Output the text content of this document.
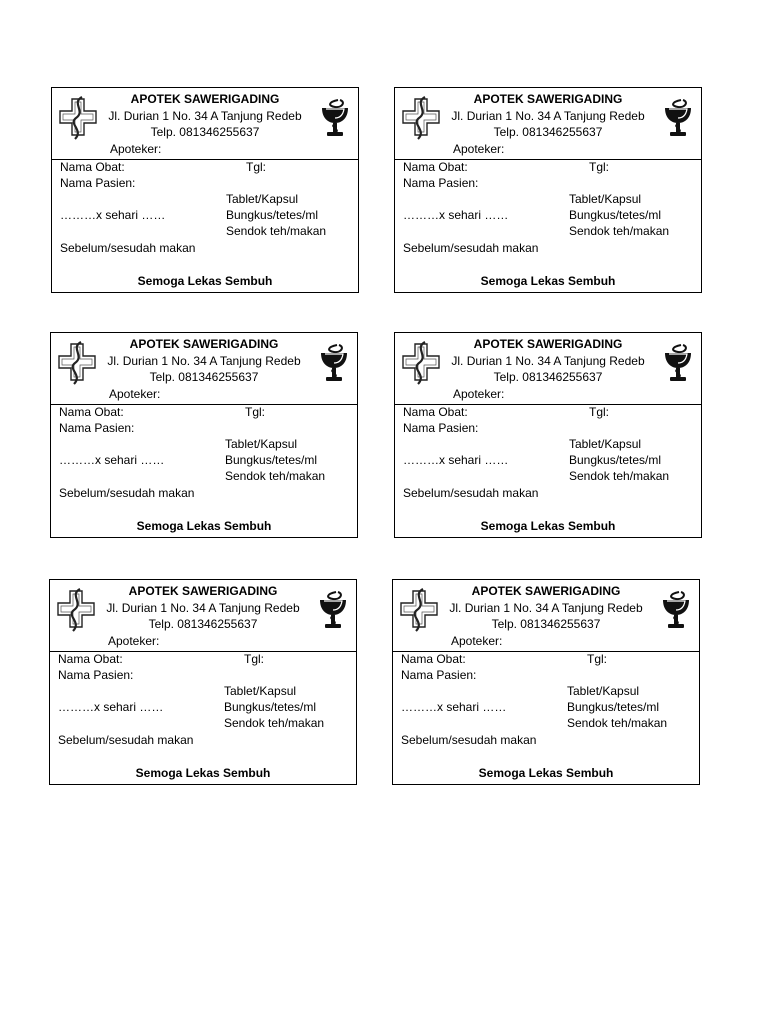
APOTEK SAWERIGADING
Jl. Durian 1 No. 34 A Tanjung Redeb
Telp. 081346255637
Apoteker:
Nama Obat:	Tgl:
Nama Pasien:
Tablet/Kapsul
………x sehari ……	Bungkus/tetes/ml
Sendok teh/makan
Sebelum/sesudah makan
Semoga Lekas Sembuh
APOTEK SAWERIGADING
Jl. Durian 1 No. 34 A Tanjung Redeb
Telp. 081346255637
Apoteker:
Nama Obat:	Tgl:
Nama Pasien:
Tablet/Kapsul
………x sehari ……	Bungkus/tetes/ml
Sendok teh/makan
Sebelum/sesudah makan
Semoga Lekas Sembuh
APOTEK SAWERIGADING
Jl. Durian 1 No. 34 A Tanjung Redeb
Telp. 081346255637
Apoteker:
Nama Obat:	Tgl:
Nama Pasien:
Tablet/Kapsul
………x sehari ……	Bungkus/tetes/ml
Sendok teh/makan
Sebelum/sesudah makan
Semoga Lekas Sembuh
APOTEK SAWERIGADING
Jl. Durian 1 No. 34 A Tanjung Redeb
Telp. 081346255637
Apoteker:
Nama Obat:	Tgl:
Nama Pasien:
Tablet/Kapsul
………x sehari ……	Bungkus/tetes/ml
Sendok teh/makan
Sebelum/sesudah makan
Semoga Lekas Sembuh
APOTEK SAWERIGADING
Jl. Durian 1 No. 34 A Tanjung Redeb
Telp. 081346255637
Apoteker:
Nama Obat:	Tgl:
Nama Pasien:
Tablet/Kapsul
………x sehari ……	Bungkus/tetes/ml
Sendok teh/makan
Sebelum/sesudah makan
Semoga Lekas Sembuh
APOTEK SAWERIGADING
Jl. Durian 1 No. 34 A Tanjung Redeb
Telp. 081346255637
Apoteker:
Nama Obat:	Tgl:
Nama Pasien:
Tablet/Kapsul
………x sehari ……	Bungkus/tetes/ml
Sendok teh/makan
Sebelum/sesudah makan
Semoga Lekas Sembuh
